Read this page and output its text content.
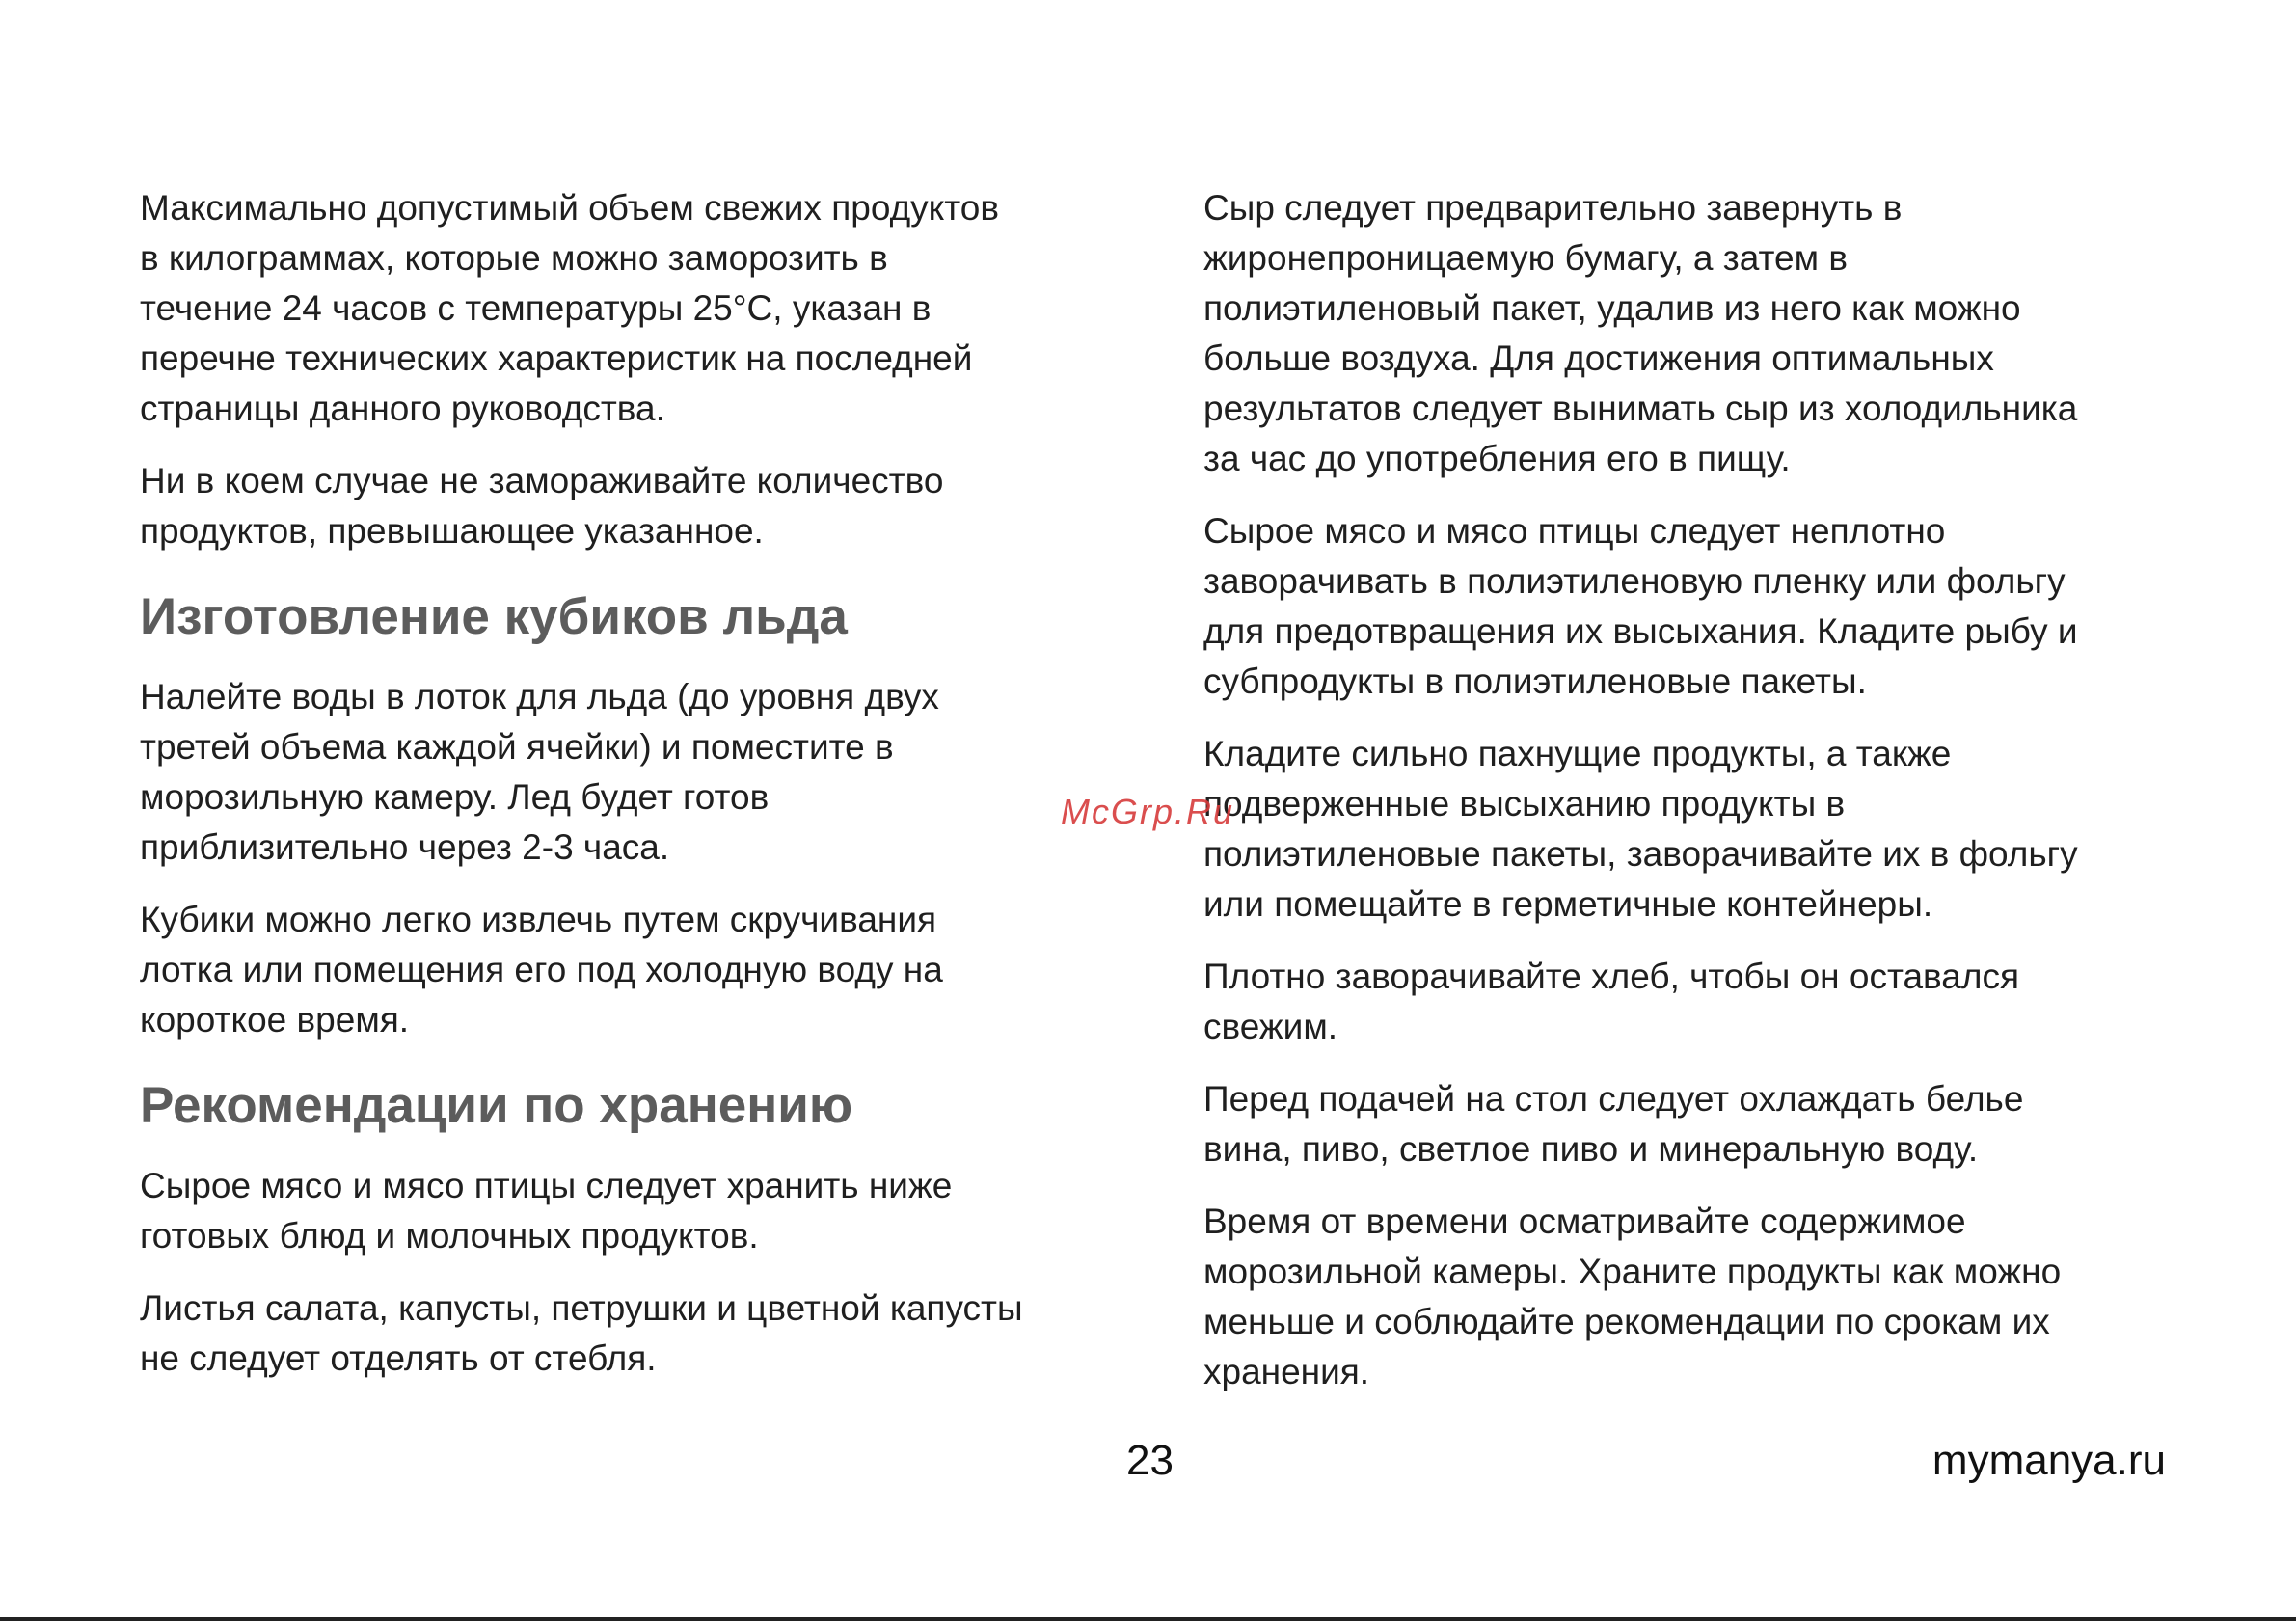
Максимально допустимый объем свежих продуктов
в килограммах, которые можно заморозить в
течение 24 часов с температуры 25°C, указан в
перечне технических характеристик на последней
страницы данного руководства.

Ни в коем случае не замораживайте количество
продуктов, превышающее указанное.

Изготовление кубиков льда

Налейте воды в лоток для льда (до уровня двух
третей объема каждой ячейки) и поместите в
морозильную камеру. Лед будет готов
приблизительно через 2-3 часа.

Кубики можно легко извлечь путем скручивания
лотка или помещения его под холодную воду на
короткое время.

Рекомендации по хранению

Сырое мясо и мясо птицы следует хранить ниже
готовых блюд и молочных продуктов.

Листья салата, капусты, петрушки и цветной капусты
не следует отделять от стебля.

Сыр следует предварительно завернуть в
жиронепроницаемую бумагу, а затем в
полиэтиленовый пакет, удалив из него как можно
больше воздуха. Для достижения оптимальных
результатов следует вынимать сыр из холодильника
за час до употребления его в пищу.

Сырое мясо и мясо птицы следует неплотно
заворачивать в полиэтиленовую пленку или фольгу
для предотвращения их высыхания. Кладите рыбу и
субпродукты в полиэтиленовые пакеты.

Кладите сильно пахнущие продукты, а также
подверженные высыханию продукты в
полиэтиленовые пакеты, заворачивайте их в фольгу
или помещайте в герметичные контейнеры.

Плотно заворачивайте хлеб, чтобы он оставался
свежим.

Перед подачей на стол следует охлаждать белье
вина, пиво, светлое пиво и минеральную воду.

Время от времени осматривайте содержимое
морозильной камеры. Храните продукты как можно
меньше и соблюдайте рекомендации по срокам их
хранения.

McGrp.Ru
23	mymanya.ru
